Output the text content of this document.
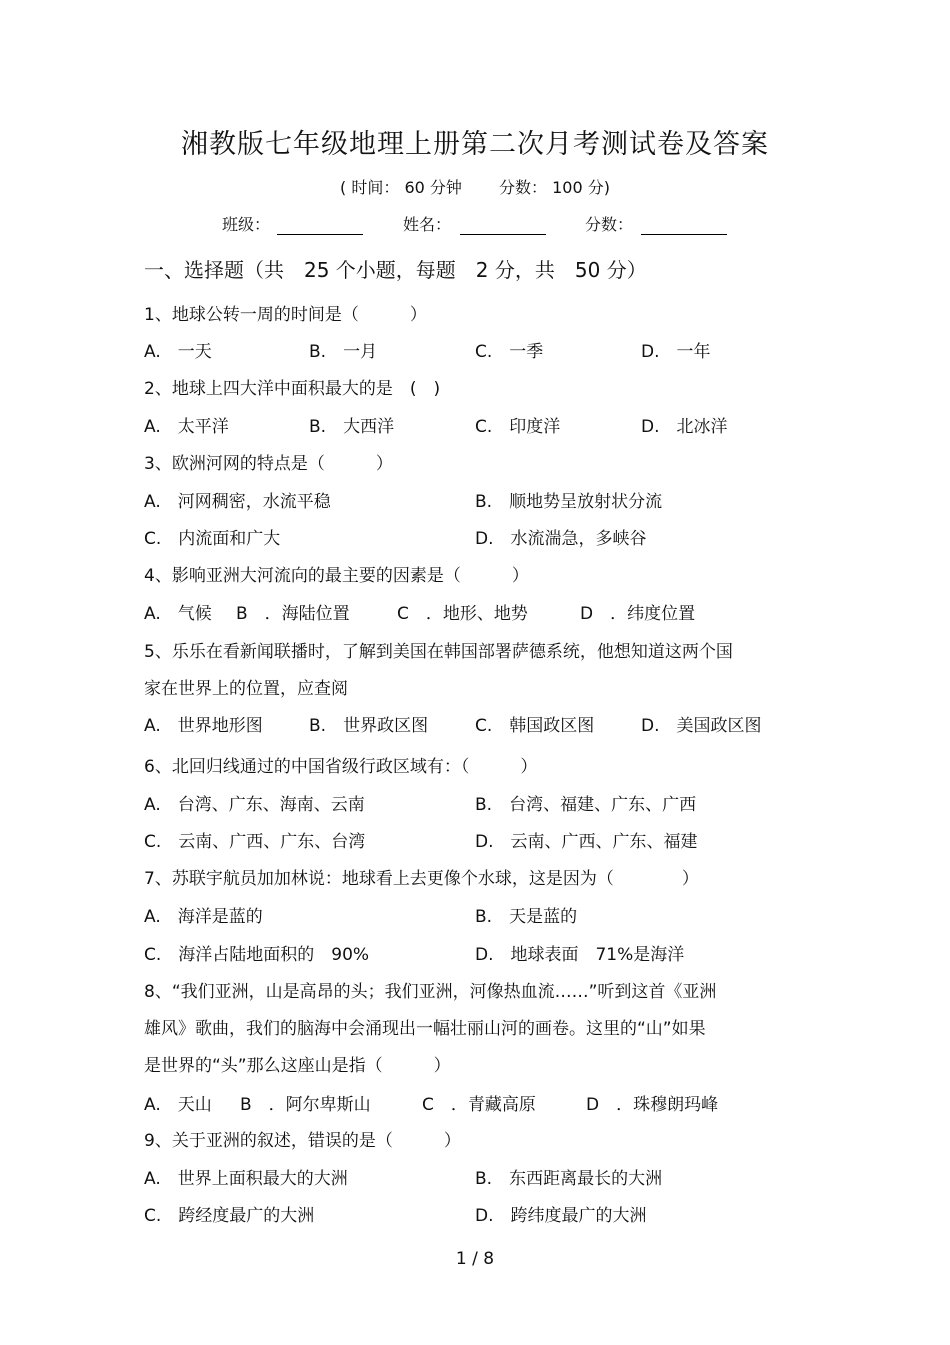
湘教版七年级地理上册第二次月考测试卷及答案
( 时间： 60 分钟 分数： 100 分)
班级：	姓名：	分数：
一、选择题（共　25 个小题，每题　2 分，共　50 分）
1、地球公转一周的时间是（　　　）
A.　一天	B.　一月	C.　一季	D.　一年
2、地球上四大洋中面积最大的是　(　)
A.　太平洋	B.　大西洋	C.　印度洋	D.　北冰洋
3、欧洲河网的特点是（　　　）
A.　河网稠密，水流平稳	B.　顺地势呈放射状分流
C.　内流面和广大	D.　水流湍急，多峡谷
4、影响亚洲大河流向的最主要的因素是（　　　）
A.　气候 B　．海陆位置	C　．地形、地势	D　．纬度位置
5、乐乐在看新闻联播时，了解到美国在韩国部署萨德系统，他想知道这两个国
家在世界上的位置，应查阅
A.　世界地形图	B.　世界政区图	C.　韩国政区图	D.　美国政区图
6、北回归线通过的中国省级行政区域有：（　　　）
A.　台湾、广东、海南、云南	B.　台湾、福建、广东、广西
C.　云南、广西、广东、台湾	D.　云南、广西、广东、福建
7、苏联宇航员加加林说：地球看上去更像个水球，这是因为（　　　　）
A.　海洋是蓝的	B.　天是蓝的
C.　海洋占陆地面积的　90%	D.　地球表面　71%是海洋
8、“我们亚洲，山是高昂的头；我们亚洲，河像热血流……”听到这首《亚洲
雄风》歌曲，我们的脑海中会涌现出一幅壮丽山河的画卷。这里的“山”如果
是世界的“头”那么这座山是指（　　　）
A.　天山 B　．阿尔卑斯山	C　．青藏高原	D　．珠穆朗玛峰
9、关于亚洲的叙述，错误的是（　　　）
A.　世界上面积最大的大洲	B.　东西距离最长的大洲
C.　跨经度最广的大洲	D.　跨纬度最广的大洲
1 / 8
